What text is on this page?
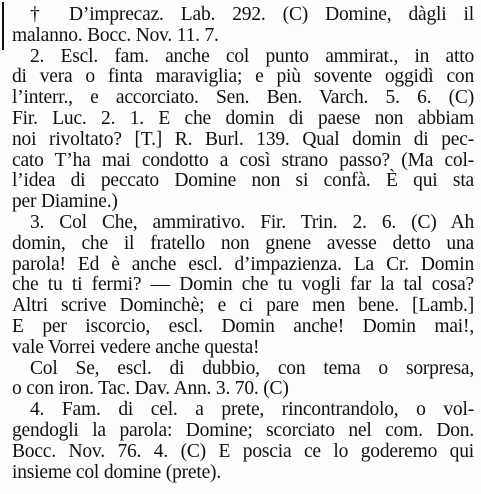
† D’imprecaz. Lab. 292. (C) Domine, dàgli il
malanno. Bocc. Nov. 11. 7.
2. Escl. fam. anche col punto ammirat., in atto
di vera o finta maraviglia; e più sovente oggidì con
l’interr., e accorciato. Sen. Ben. Varch. 5. 6. (C)
Fir. Luc. 2. 1. E che domin di paese non abbiam
noi rivoltato? [T.] R. Burl. 139. Qual domin di pec-
cato T’ha mai condotto a così strano passo? (Ma col-
l’idea di peccato Domine non si confà. È qui sta
per Diamine.)
3. Col Che, ammirativo. Fir. Trin. 2. 6. (C) Ah
domin, che il fratello non gnene avesse detto una
parola! Ed è anche escl. d’impazienza. La Cr. Domin
che tu ti fermi? — Domin che tu vogli far la tal cosa?
Altri scrive Dominchè; e ci pare men bene. [Lamb.]
E per iscorcio, escl. Domin anche! Domin mai!,
vale Vorrei vedere anche questa!
Col Se, escl. di dubbio, con tema o sorpresa,
o con iron. Tac. Dav. Ann. 3. 70. (C)
4. Fam. di cel. a prete, rincontrandolo, o vol-
gendogli la parola: Domine; scorciato nel com. Don.
Bocc. Nov. 76. 4. (C) E poscia ce lo goderemo qui
insieme col domine (prete).
